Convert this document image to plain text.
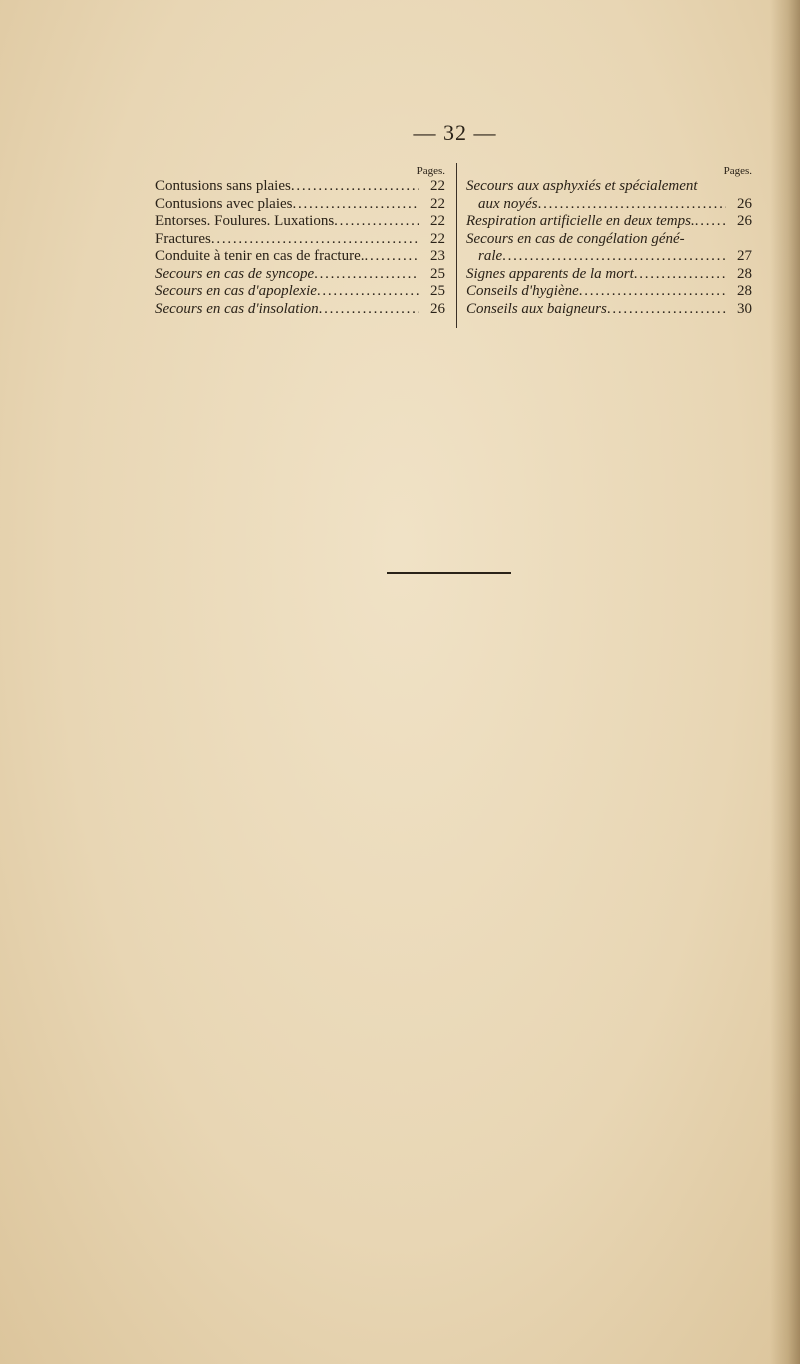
— 32 —
Pages.
Contusions sans plaies . . .	22
Contusions avec plaies . . .	22
Entorses. Foulures. Luxations . . .	22
Fractures . . .	22
Conduite à tenir en cas de fracture. . . .	23
Secours en cas de syncope . . .	25
Secours en cas d'apoplexie . . .	25
Secours en cas d'insolation . . .	26
Pages.
Secours aux asphyxiés et spécialement
aux noyés . . .	26
Respiration artificielle en deux temps. . . .	26
Secours en cas de congélation géné-
rale . . .	27
Signes apparents de la mort . . .	28
Conseils d'hygiène . . .	28
Conseils aux baigneurs . . .	30
